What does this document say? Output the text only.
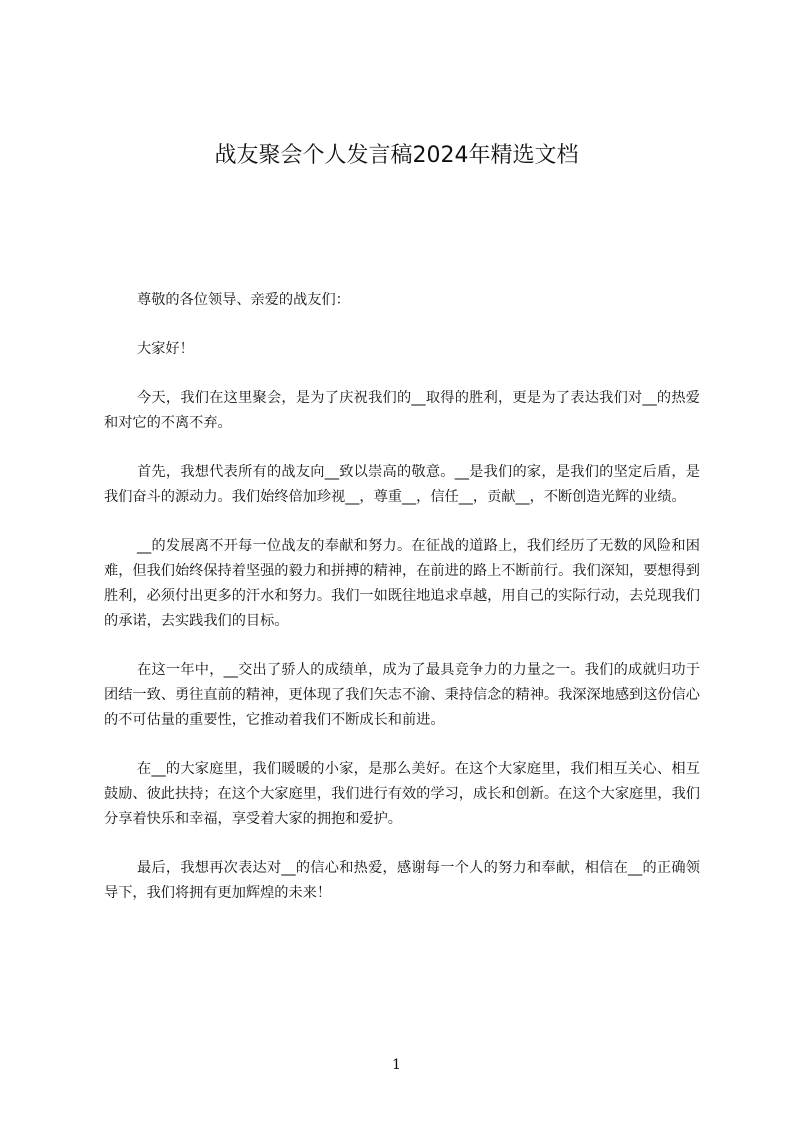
战友聚会个人发言稿2024年精选文档

尊敬的各位领导、亲爱的战友们：

大家好！

今天，我们在这里聚会，是为了庆祝我们的__取得的胜利，更是为了表达我们对__的热爱和对它的不离不弃。

首先，我想代表所有的战友向__致以崇高的敬意。__是我们的家，是我们的坚定后盾，是我们奋斗的源动力。我们始终倍加珍视__，尊重__，信任__，贡献__，不断创造光辉的业绩。

__的发展离不开每一位战友的奉献和努力。在征战的道路上，我们经历了无数的风险和困难，但我们始终保持着坚强的毅力和拼搏的精神，在前进的路上不断前行。我们深知，要想得到胜利，必须付出更多的汗水和努力。我们一如既往地追求卓越，用自己的实际行动，去兑现我们的承诺，去实践我们的目标。

在这一年中，__交出了骄人的成绩单，成为了最具竞争力的力量之一。我们的成就归功于团结一致、勇往直前的精神，更体现了我们矢志不渝、秉持信念的精神。我深深地感到这份信心的不可估量的重要性，它推动着我们不断成长和前进。

在__的大家庭里，我们暖暖的小家，是那么美好。在这个大家庭里，我们相互关心、相互鼓励、彼此扶持；在这个大家庭里，我们进行有效的学习，成长和创新。在这个大家庭里，我们分享着快乐和幸福，享受着大家的拥抱和爱护。

最后，我想再次表达对__的信心和热爱，感谢每一个人的努力和奉献，相信在__的正确领导下，我们将拥有更加辉煌的未来！

1
